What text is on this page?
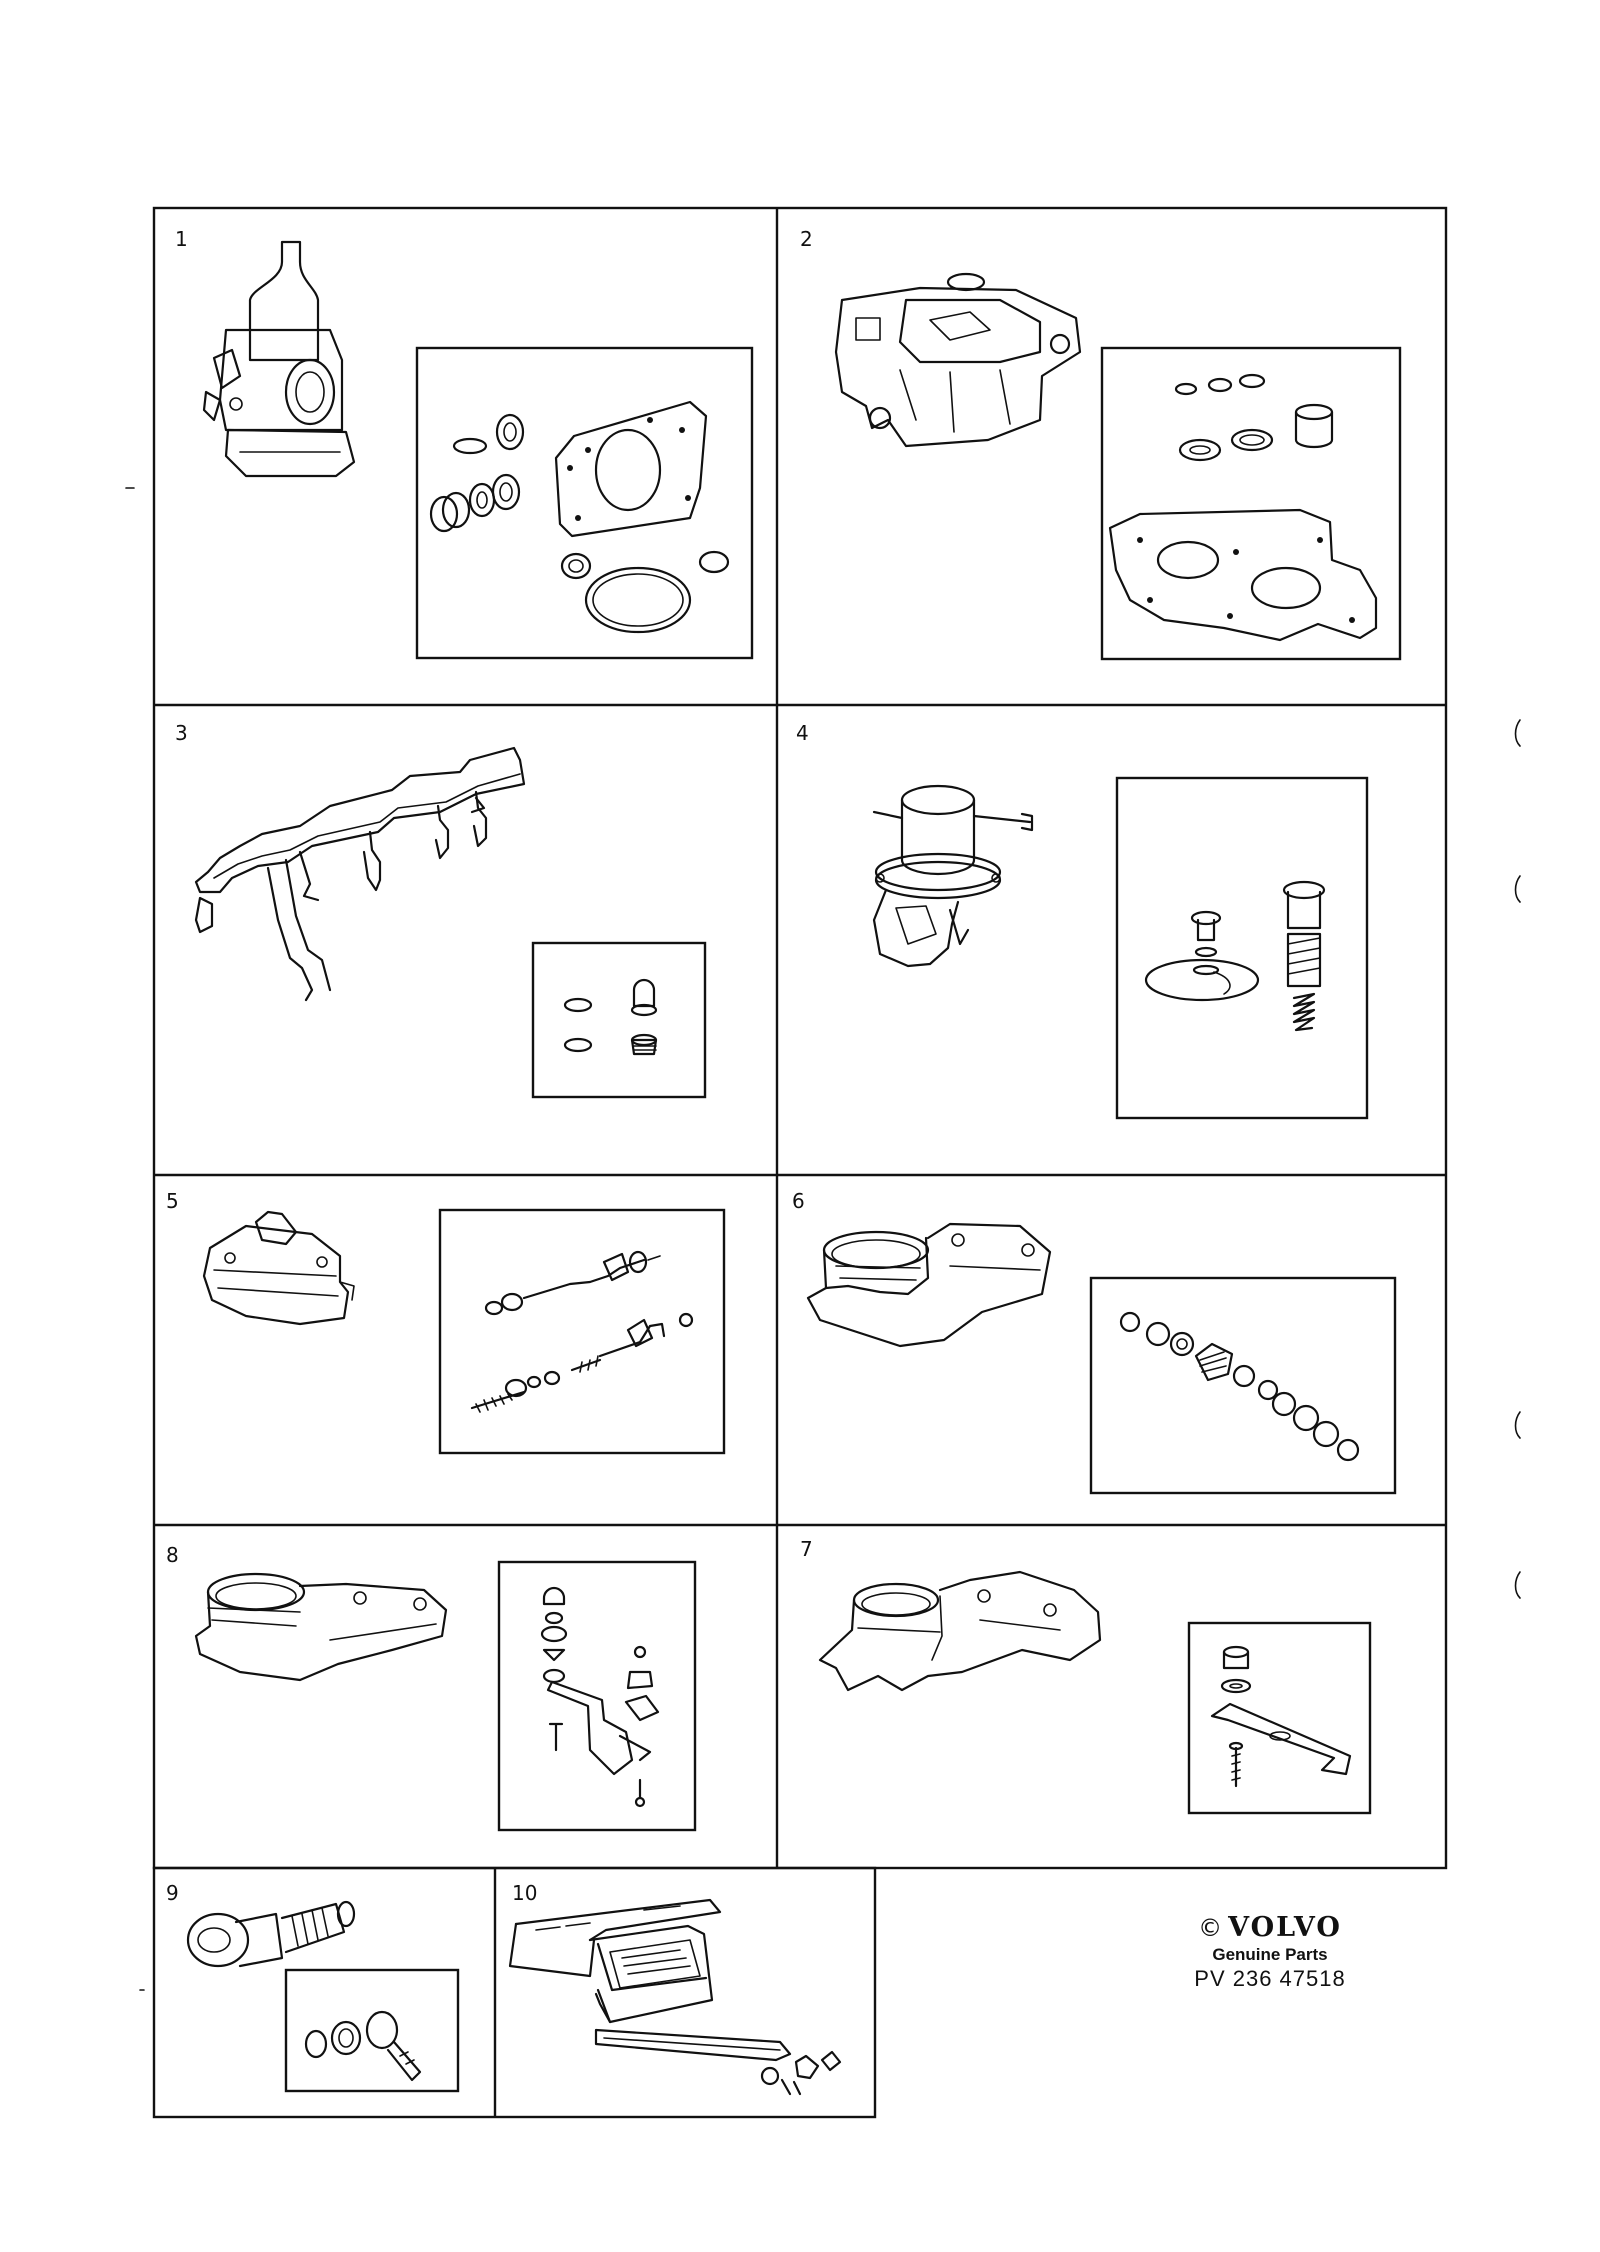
1	2
3	4
5	6
8	7
9	10
© VOLVO
Genuine Parts
PV 236 47518
